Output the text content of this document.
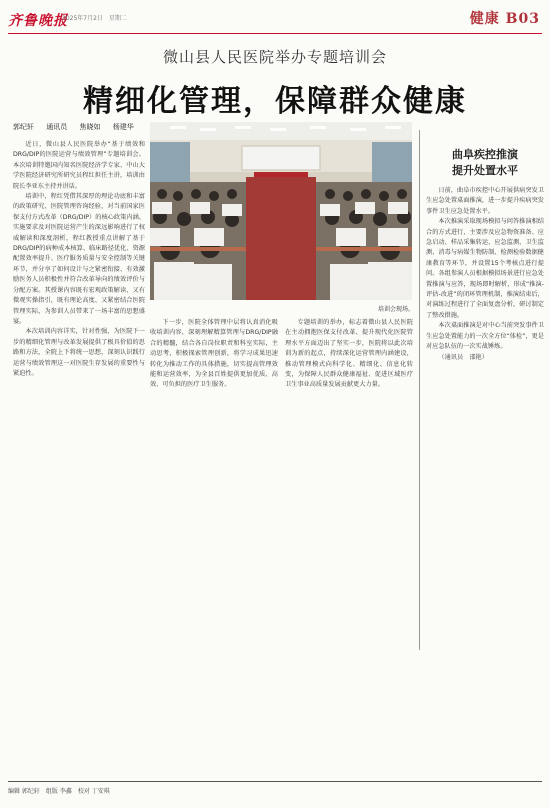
齐鲁晚报
2025年7月2日　星期二	健康 B03
微山县人民医院举办专题培训会
精细化管理，保障群众健康
郭纪轩 通讯员 焦晓如 杨建华

近日，微山县人民医院举办“基于绩效和DRG/DIP的医院运营与绩效管理”专题培训会。本次培训特邀国内知名医院经济学专家、中山大学医院经济研究所研究员程红担任主讲，培训由院长李亚东主持并讲话。

培训中，程红凭借其深厚的理论功底和丰富的政策研究、医院管理咨询经验，对当前国家医保支付方式改革（DRG/DIP）的核心政策内涵、实施要求及对医院运营产生的深远影响进行了权威解读和深度剖析，程红教授重点讲解了基于DRG/DIP的病种成本核算、临床路径优化、资源配置效率提升、医疗服务质量与安全控制等关键环节，并分享了如何设计与之紧密衔接、有效激励医务人员积极性并符合改革导向的绩效评价与分配方案。其授课内容既有宏观政策解读、又有微观实操指引，既有理论高度、又紧密结合医院管理实际，为参训人员带来了一场丰富的思想盛宴。

本次培训内容详实，针对性强，为医院下一步的精细化管理与改革发展提供了极具价值的思路和方法，全院上下将统一思想，深刻认识践行运营与绩效管理这一对医院生存发展的重要性与紧迫性。

培训会现场。

下一步，医院全体管理中层将认真消化吸收培训内容，深刻理解精算管理与DRG/DIP融合的精髓，结合各自岗位职责和科室实际，主动思考，积极探索管理创新，将学习成果迅速转化为推动工作的具体措施，切实提高管理效能和运营效率，为全县百姓提供更加优质、高效、可负担的医疗卫生服务。

专题培训的举办，标志着微山县人民医院在主动拥抱医保支付改革、提升现代化医院管理水平方面迈出了坚实一步，医院将以此次培训为新的起点，持续深化运营管理内涵建设，推动管理模式向科学化、精细化、信息化转变，为保障人民群众健康福祉、促进区域医疗卫生事业高质量发展贡献更大力量。

曲阜疾控推演
提升处置水平

日前，曲阜市疾控中心开展供病突发卫生应急处置桌面推演，进一步提升疾病突发事件卫生应急处置水平。

本次推演采取现场模拟与问答推演相结合的方式进行，主要涉及应急物资准备、应急启动、样品采集转运、应急监测、卫生监测、消毒与病媒生物防制、检测检验数据健康教育等环节，并设置15个考核点进行提问。各组参演人员根据模拟场景进行应急处置推演与应答，现场即时解析，形成“推演-评估-改进”的闭环管理机制，推演结束后，对演练过程进行了全面复盘分析，研讨制定了整改措施。

本次桌面推演是对中心当前突发事件卫生应急处置能力的一次全方位“体检”，更是对应急队伍的一次实战锤炼。

（通讯员　邵艳）

编辑 郭纪轩　组版 李鑫　校对 丁安琪
